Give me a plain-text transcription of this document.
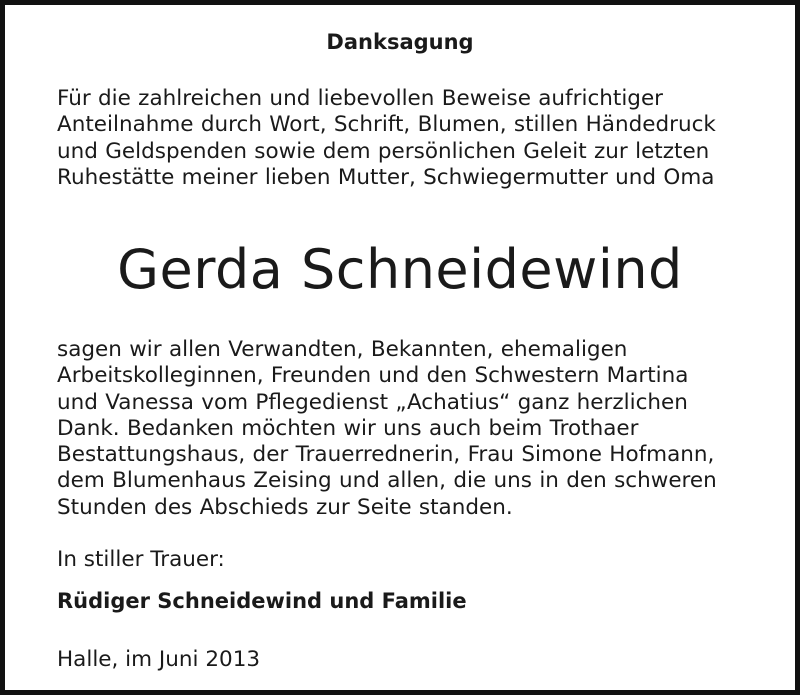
Danksagung
Für die zahlreichen und liebevollen Beweise aufrichtiger
Anteilnahme durch Wort, Schrift, Blumen, stillen Händedruck
und Geldspenden sowie dem persönlichen Geleit zur letzten
Ruhestätte meiner lieben Mutter, Schwiegermutter und Oma
Gerda Schneidewind
sagen wir allen Verwandten, Bekannten, ehemaligen
Arbeitskolleginnen, Freunden und den Schwestern Martina
und Vanessa vom Pflegedienst „Achatius“ ganz herzlichen
Dank. Bedanken möchten wir uns auch beim Trothaer
Bestattungshaus, der Trauerrednerin, Frau Simone Hofmann,
dem Blumenhaus Zeising und allen, die uns in den schweren
Stunden des Abschieds zur Seite standen.
In stiller Trauer:
Rüdiger Schneidewind und Familie
Halle, im Juni 2013
